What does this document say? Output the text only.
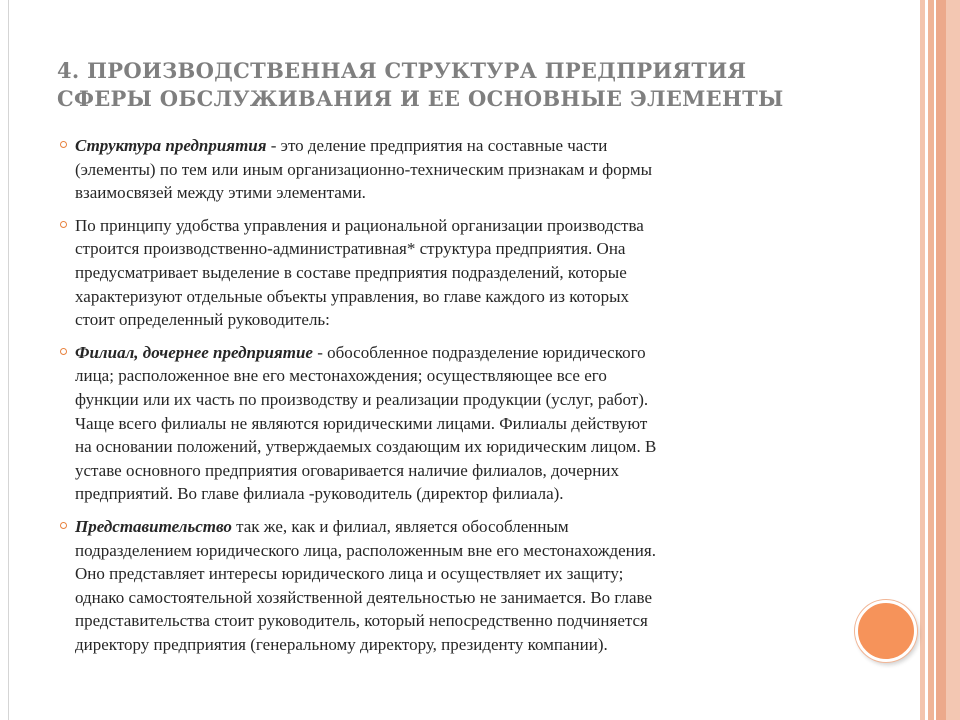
4. ПРОИЗВОДСТВЕННАЯ СТРУКТУРА ПРЕДПРИЯТИЯ
СФЕРЫ ОБСЛУЖИВАНИЯ И ЕЕ ОСНОВНЫЕ ЭЛЕМЕНТЫ
Структура предприятия - это деление предприятия на составные части
(элементы) по тем или иным организационно-техническим признакам и формы
взаимосвязей между этими элементами.
По принципу удобства управления и рациональной организации производства
строится производственно-административная* структура предприятия. Она
предусматривает выделение в составе предприятия подразделений, которые
характеризуют отдельные объекты управления, во главе каждого из которых
стоит определенный руководитель:
Филиал, дочернее предприятие - обособленное подразделение юридического
лица; расположенное вне его местонахождения; осуществляющее все его
функции или их часть по производству и реализации продукции (услуг, работ).
Чаще всего филиалы не являются юридическими лицами. Филиалы действуют
на основании положений, утверждаемых создающим их юридическим лицом. В
уставе основного предприятия оговаривается наличие филиалов, дочерних
предприятий. Во главе филиала -руководитель (директор филиала).
Представительство так же, как и филиал, является обособленным
подразделением юридического лица, расположенным вне его местонахождения.
Оно представляет интересы юридического лица и осуществляет их защиту;
однако самостоятельной хозяйственной деятельностью не занимается. Во главе
представительства стоит руководитель, который непосредственно подчиняется
директору предприятия (генеральному директору, президенту компании).
